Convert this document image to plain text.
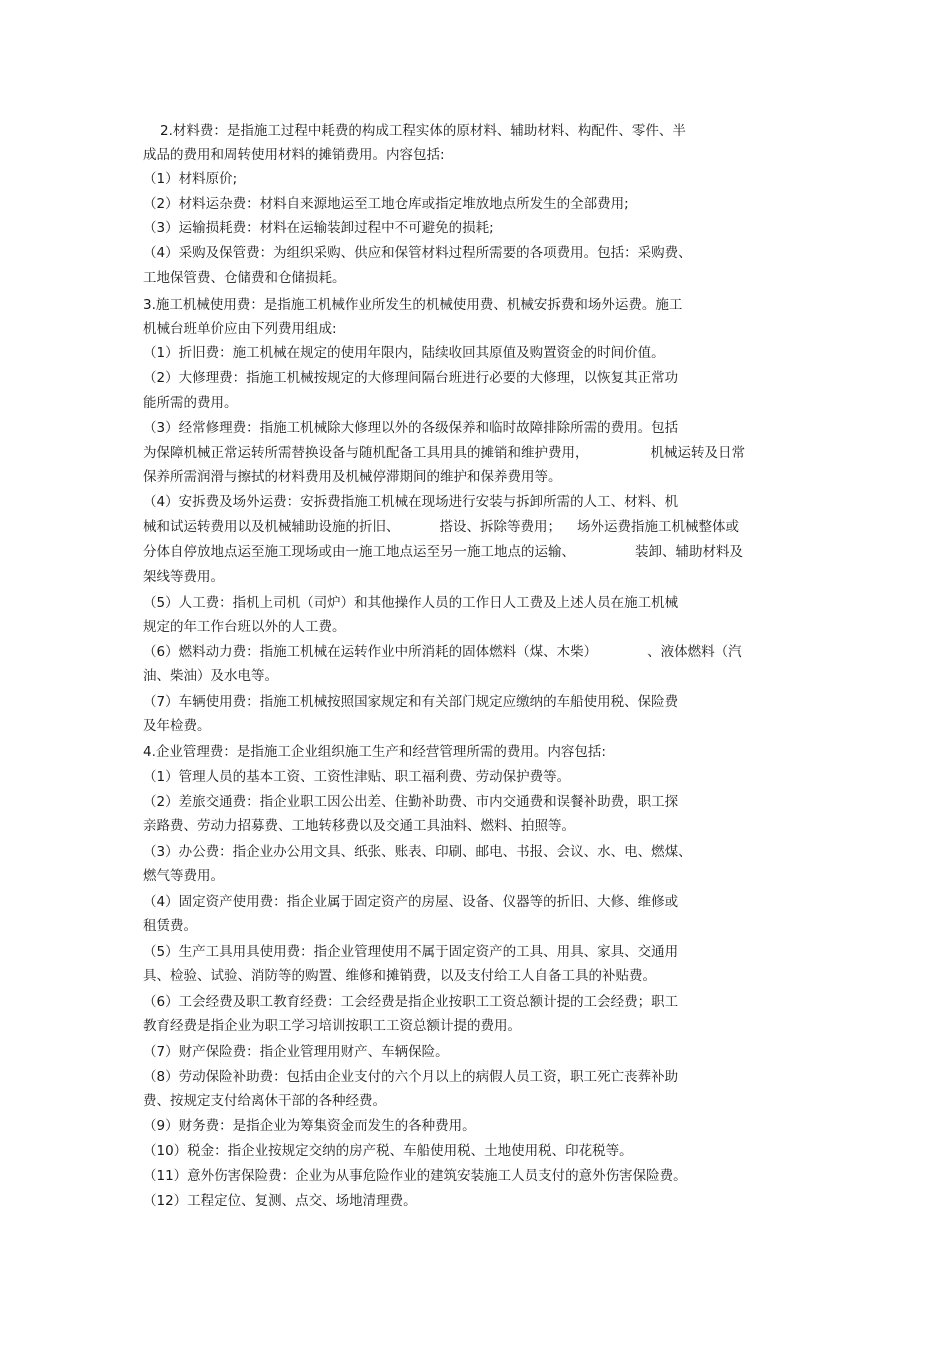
2.材料费：是指施工过程中耗费的构成工程实体的原材料、辅助材料、构配件、零件、半
成品的费用和周转使用材料的摊销费用。内容包括:
（1）材料原价;
（2）材料运杂费：材料自来源地运至工地仓库或指定堆放地点所发生的全部费用;
（3）运输损耗费：材料在运输装卸过程中不可避免的损耗;
（4）采购及保管费：为组织采购、供应和保管材料过程所需要的各项费用。包括：采购费、
工地保管费、仓储费和仓储损耗。
3.施工机械使用费：是指施工机械作业所发生的机械使用费、机械安拆费和场外运费。施工
机械台班单价应由下列费用组成:
（1）折旧费：施工机械在规定的使用年限内，陆续收回其原值及购置资金的时间价值。
（2）大修理费：指施工机械按规定的大修理间隔台班进行必要的大修理，以恢复其正常功
能所需的费用。
（3）经常修理费：指施工机械除大修理以外的各级保养和临时故障排除所需的费用。包括
为保障机械正常运转所需替换设备与随机配备工具用具的摊销和维护费用，	机械运转及日常
保养所需润滑与擦拭的材料费用及机械停滞期间的维护和保养费用等。
（4）安拆费及场外运费：安拆费指施工机械在现场进行安装与拆卸所需的人工、材料、机
械和试运转费用以及机械辅助设施的折旧、	搭设、拆除等费用； 场外运费指施工机械整体或
分体自停放地点运至施工现场或由一施工地点运至另一施工地点的运输、	装卸、辅助材料及
架线等费用。
（5）人工费：指机上司机（司炉）和其他操作人员的工作日人工费及上述人员在施工机械
规定的年工作台班以外的人工费。
（6）燃料动力费：指施工机械在运转作业中所消耗的固体燃料（煤、木柴）	、液体燃料（汽
油、柴油）及水电等。
（7）车辆使用费：指施工机械按照国家规定和有关部门规定应缴纳的车船使用税、保险费
及年检费。
4.企业管理费：是指施工企业组织施工生产和经营管理所需的费用。内容包括:
（1）管理人员的基本工资、工资性津贴、职工福利费、劳动保护费等。
（2）差旅交通费：指企业职工因公出差、住勤补助费、市内交通费和误餐补助费，职工探
亲路费、劳动力招募费、工地转移费以及交通工具油料、燃料、拍照等。
（3）办公费：指企业办公用文具、纸张、账表、印刷、邮电、书报、会议、水、电、燃煤、
燃气等费用。
（4）固定资产使用费：指企业属于固定资产的房屋、设备、仪器等的折旧、大修、维修或
租赁费。
（5）生产工具用具使用费：指企业管理使用不属于固定资产的工具、用具、家具、交通用
具、检验、试验、消防等的购置、维修和摊销费，以及支付给工人自备工具的补贴费。
（6）工会经费及职工教育经费：工会经费是指企业按职工工资总额计提的工会经费；职工
教育经费是指企业为职工学习培训按职工工资总额计提的费用。
（7）财产保险费：指企业管理用财产、车辆保险。
（8）劳动保险补助费：包括由企业支付的六个月以上的病假人员工资，职工死亡丧葬补助
费、按规定支付给离休干部的各种经费。
（9）财务费：是指企业为筹集资金而发生的各种费用。
（10）税金：指企业按规定交纳的房产税、车船使用税、土地使用税、印花税等。
（11）意外伤害保险费：企业为从事危险作业的建筑安装施工人员支付的意外伤害保险费。
（12）工程定位、复测、点交、场地清理费。
